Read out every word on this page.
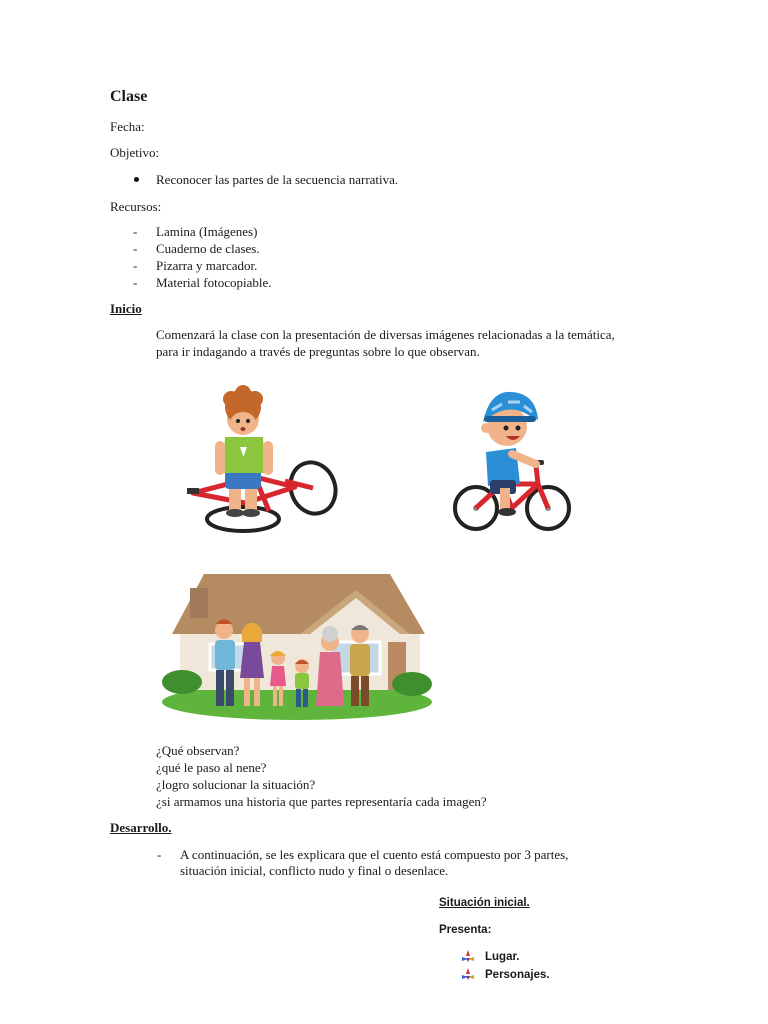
Clase
Fecha:
Objetivo:
Reconocer las partes de la secuencia narrativa.
Recursos:
-	Lamina (Imágenes)
-	Cuaderno de clases.
-	Pizarra y marcador.
-	Material fotocopiable.
Inicio
Comenzará la clase con la presentación de diversas imágenes relacionadas a la temática,
para ir indagando a través de preguntas sobre lo que observan.
¿Qué observan?
¿qué le paso al nene?
¿logro solucionar la situación?
¿si armamos una historia que partes representaría cada imagen?
Desarrollo.
-	A continuación, se les explicara que el cuento está compuesto por 3 partes,
situación inicial, conflicto nudo y final o desenlace.
Situación inicial.
Presenta:
Lugar.
Personajes.
